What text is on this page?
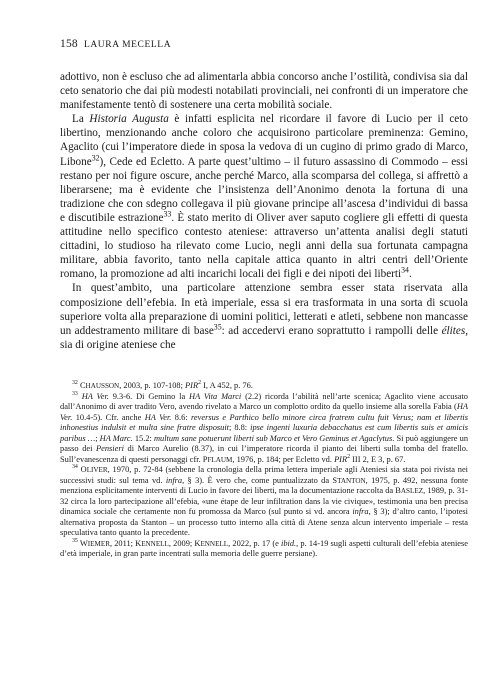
158 LAURA MECELLA

adottivo, non è escluso che ad alimentarla abbia concorso anche l’ostilità, condivisa sia dal ceto senatorio che dai più modesti notabilati provinciali, nei confronti di un imperatore che manifestamente tentò di sostenere una certa mobilità sociale.

La Historia Augusta è infatti esplicita nel ricordare il favore di Lucio per il ceto libertino, menzionando anche coloro che acquisirono particolare preminenza: Gemino, Agaclito (cui l’imperatore diede in sposa la vedova di un cugino di primo grado di Marco, Libone$^{32}$), Cede ed Ecletto. A parte quest’ultimo – il futuro assassino di Commodo – essi restano per noi figure oscure, anche perché Marco, alla scomparsa del collega, si affrettò a liberarsene; ma è evidente che l’insistenza dell’Anonimo denota la fortuna di una tradizione che con sdegno collegava il più giovane principe all’ascesa d’individui di bassa e discutibile estrazione$^{33}$. È stato merito di Oliver aver saputo cogliere gli effetti di questa attitudine nello specifico contesto ateniese: attraverso un’attenta analisi degli statuti cittadini, lo studioso ha rilevato come Lucio, negli anni della sua fortunata campagna militare, abbia favorito, tanto nella capitale attica quanto in altri centri dell’Oriente romano, la promozione ad alti incarichi locali dei figli e dei nipoti dei liberti$^{34}$.

In quest’ambito, una particolare attenzione sembra esser stata riservata alla composizione dell’efebia. In età imperiale, essa si era trasformata in una sorta di scuola superiore volta alla preparazione di uomini politici, letterati e atleti, sebbene non mancasse un addestramento militare di base$^{35}$: ad accedervi erano soprattutto i rampolli delle élites, sia di origine ateniese che

$^{32}$ CHAUSSON, 2003, p. 107-108; PIR$^2$ I, A 452, p. 76.

$^{33}$ HA Ver. 9.3-6. Di Gemino la HA Vita Marci (2.2) ricorda l’abilità nell’arte scenica; Agaclito viene accusato dall’Anonimo di aver tradito Vero, avendo rivelato a Marco un complotto ordito da quello insieme alla sorella Fabia (HA Ver. 10.4-5). Cfr. anche HA Ver. 8.6: reversus e Parthico bello minore circa fratrem cultu fuit Verus; nam et libertis inhonestius indulsit et multa sine fratre disposuit; 8.8: ipse ingenti luxuria debacchatus est cum libertis suis et amicis paribus …; HA Marc. 15.2: multum sane potuerunt liberti sub Marco et Vero Geminus et Agaclytus. Si può aggiungere un passo dei Pensieri di Marco Aurelio (8.37), in cui l’imperatore ricorda il pianto dei liberti sulla tomba del fratello. Sull’evanescenza di questi personaggi cfr. PFLAUM, 1976, p. 184; per Ecletto vd. PIR$^2$ III 2, E 3, p. 67.

$^{34}$ OLIVER, 1970, p. 72-84 (sebbene la cronologia della prima lettera imperiale agli Ateniesi sia stata poi rivista nei successivi studi: sul tema vd. infra, § 3). È vero che, come puntualizzato da STANTON, 1975, p. 492, nessuna fonte menziona esplicitamente interventi di Lucio in favore dei liberti, ma la documentazione raccolta da BASLEZ, 1989, p. 31-32 circa la loro partecipazione all’efebia, «une étape de leur infiltration dans la vie civique», testimonia una ben precisa dinamica sociale che certamente non fu promossa da Marco (sul punto si vd. ancora infra, § 3); d’altro canto, l’ipotesi alternativa proposta da Stanton – un processo tutto interno alla città di Atene senza alcun intervento imperiale – resta speculativa tanto quanto la precedente.

$^{35}$ WIEMER, 2011; KENNELL, 2009; KENNELL, 2022, p. 17 (e ibid., p. 14-19 sugli aspetti culturali dell’efebia ateniese d’età imperiale, in gran parte incentrati sulla memoria delle guerre persiane).
